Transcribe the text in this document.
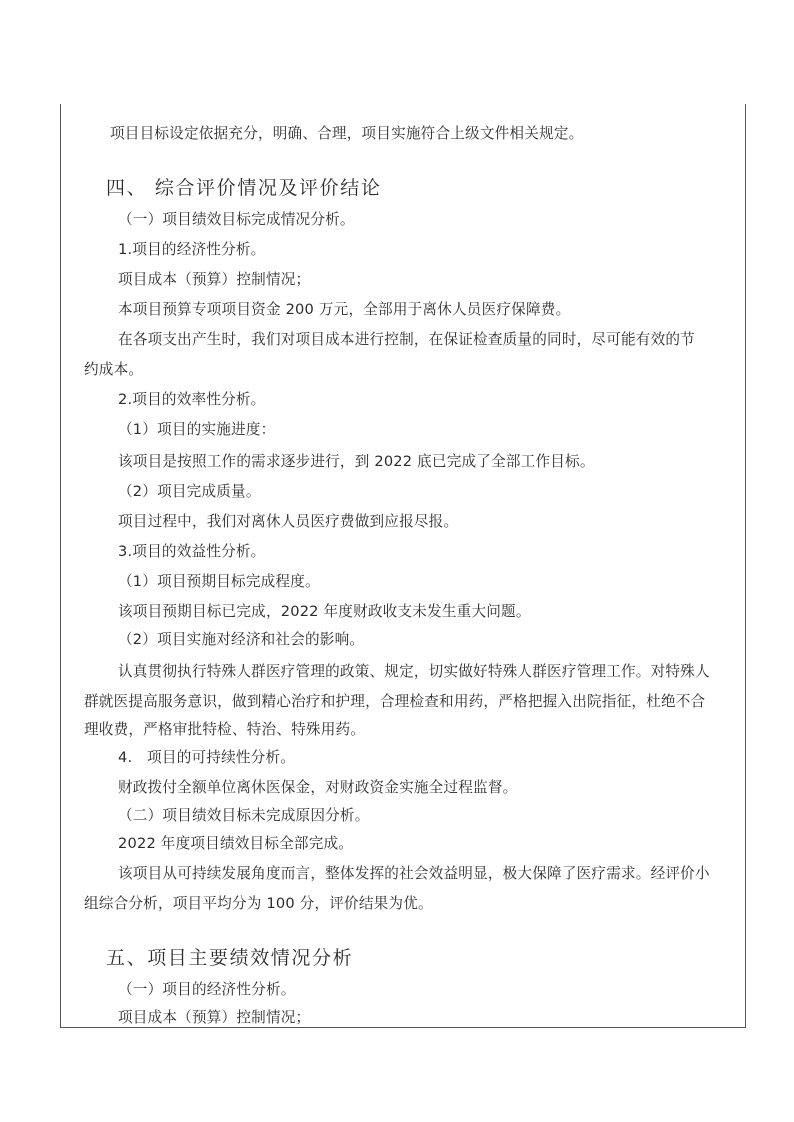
项目目标设定依据充分，明确、合理，项目实施符合上级文件相关规定。
四、 综合评价情况及评价结论
（一）项目绩效目标完成情况分析。
1.项目的经济性分析。
项目成本（预算）控制情况；
本项目预算专项项目资金 200 万元，全部用于离休人员医疗保障费。
在各项支出产生时，我们对项目成本进行控制，在保证检查质量的同时，尽可能有效的节
约成本。
2.项目的效率性分析。
（1）项目的实施进度：
该项目是按照工作的需求逐步进行，到 2022 底已完成了全部工作目标。
（2）项目完成质量。
项目过程中，我们对离休人员医疗费做到应报尽报。
3.项目的效益性分析。
（1）项目预期目标完成程度。
该项目预期目标已完成，2022 年度财政收支未发生重大问题。
（2）项目实施对经济和社会的影响。
认真贯彻执行特殊人群医疗管理的政策、规定，切实做好特殊人群医疗管理工作。对特殊人
群就医提高服务意识，做到精心治疗和护理，合理检查和用药，严格把握入出院指征，杜绝不合
理收费，严格审批特检、特治、特殊用药。
4.　项目的可持续性分析。
财政拨付全额单位离休医保金，对财政资金实施全过程监督。
（二）项目绩效目标未完成原因分析。
2022 年度项目绩效目标全部完成。
该项目从可持续发展角度而言，整体发挥的社会效益明显，极大保障了医疗需求。经评价小
组综合分析，项目平均分为 100 分，评价结果为优。
五、项目主要绩效情况分析
（一）项目的经济性分析。
项目成本（预算）控制情况；
